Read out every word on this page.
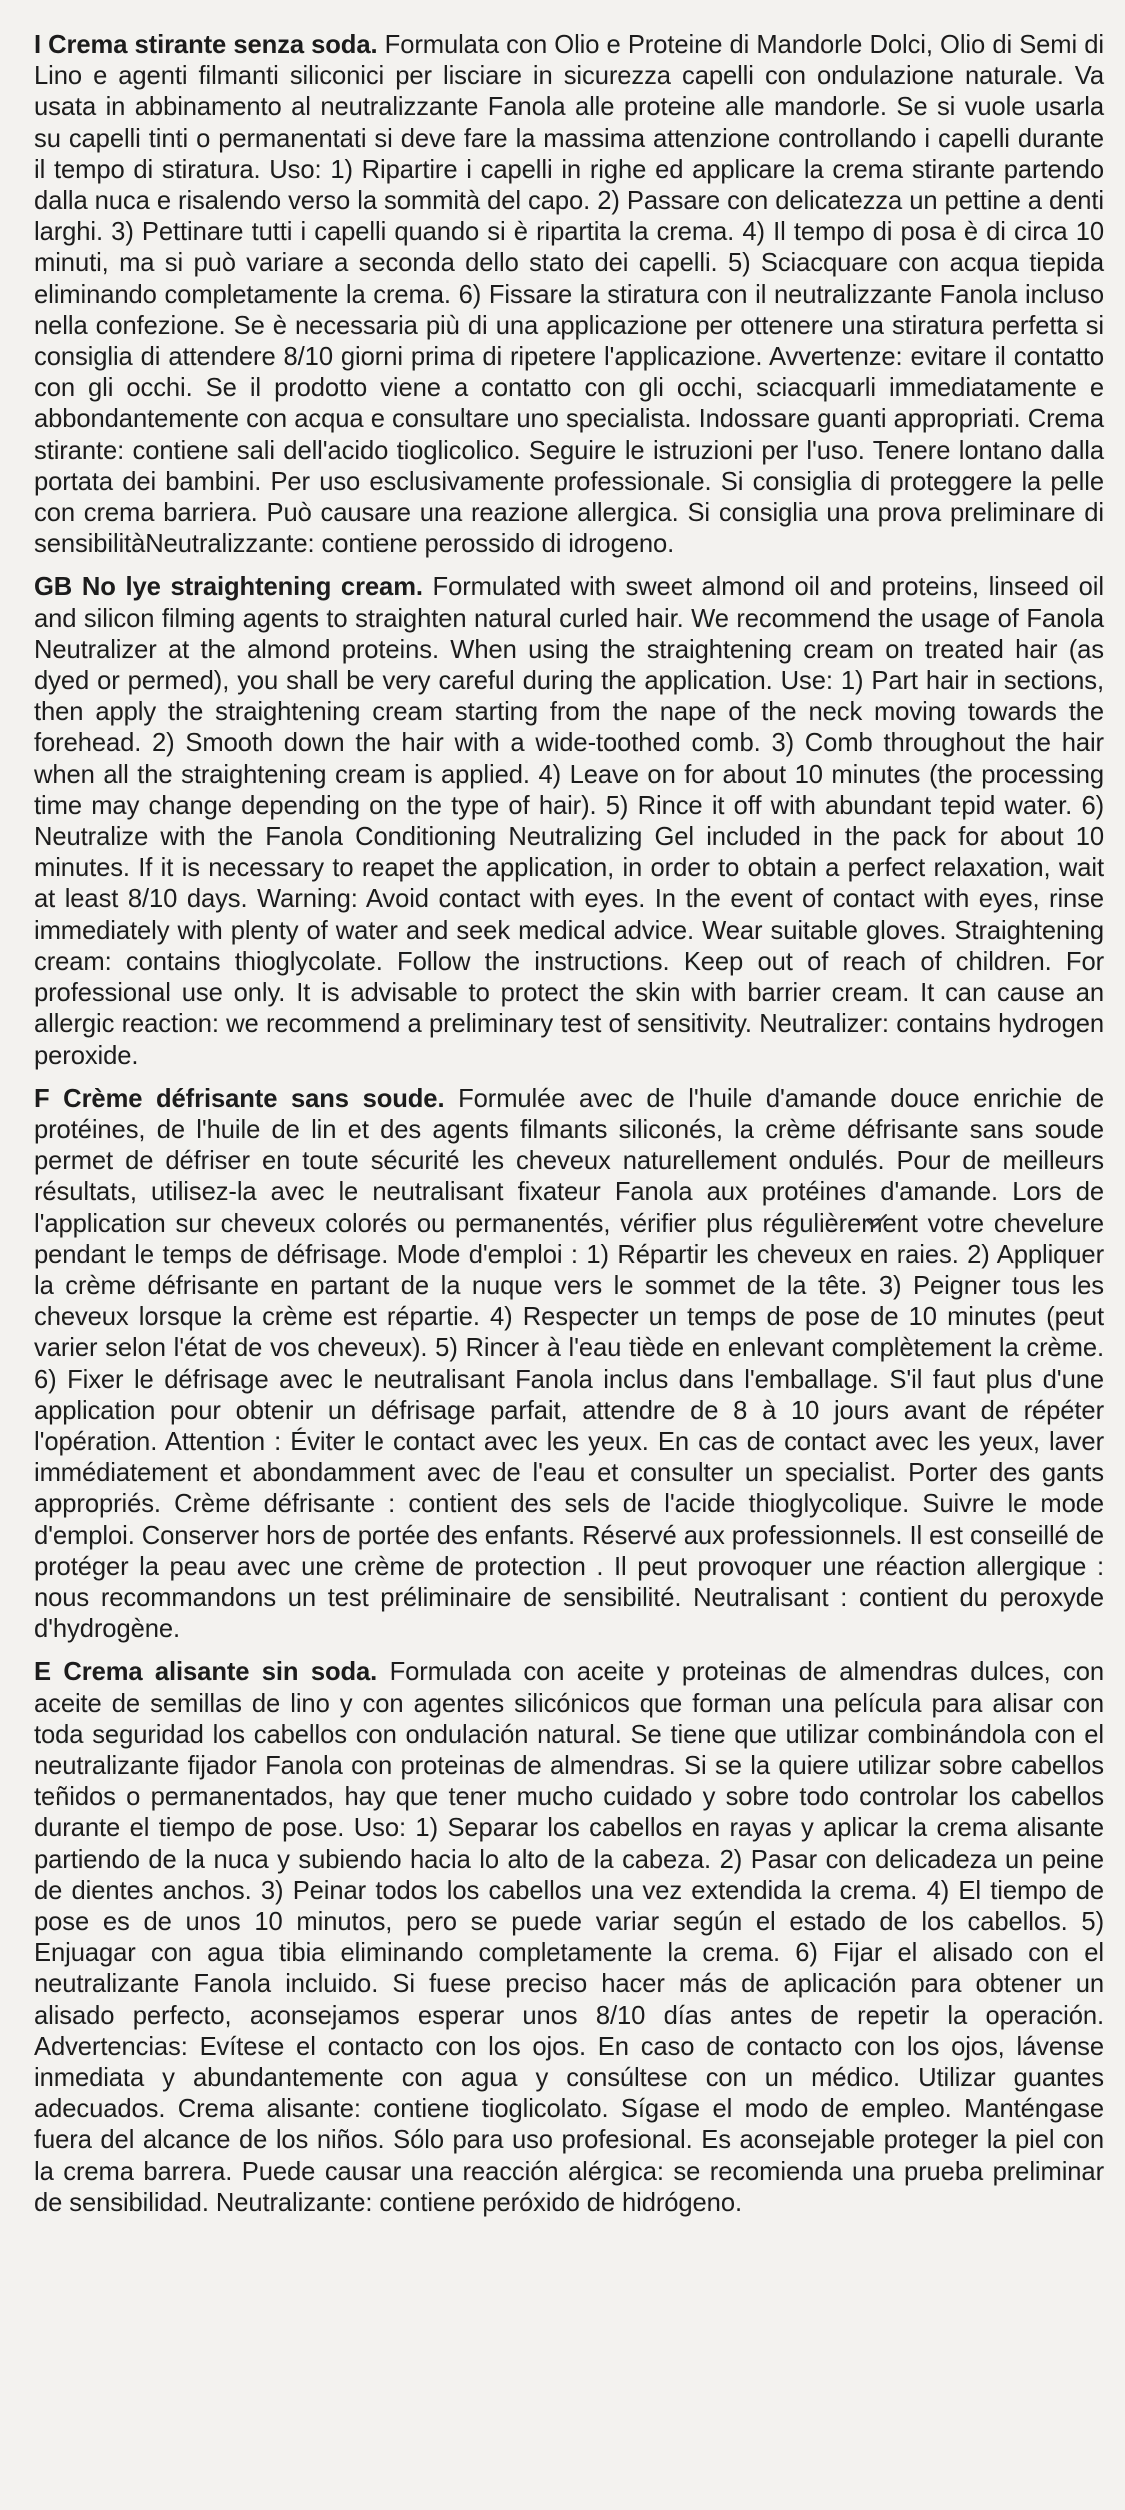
I Crema stirante senza soda. Formulata con Olio e Proteine di Mandorle Dolci, Olio di Semi di Lino e agenti filmanti siliconici per lisciare in sicurezza capelli con ondulazione naturale. Va usata in abbinamento al neutralizzante Fanola alle proteine alle mandorle. Se si vuole usarla su capelli tinti o permanentati si deve fare la massima attenzione controllando i capelli durante il tempo di stiratura. Uso: 1) Ripartire i capelli in righe ed applicare la crema stirante partendo dalla nuca e risalendo verso la sommità del capo. 2) Passare con delicatezza un pettine a denti larghi. 3) Pettinare tutti i capelli quando si è ripartita la crema. 4) Il tempo di posa è di circa 10 minuti, ma si può variare a seconda dello stato dei capelli. 5) Sciacquare con acqua tiepida eliminando completamente la crema. 6) Fissare la stiratura con il neutralizzante Fanola incluso nella confezione. Se è necessaria più di una applicazione per ottenere una stiratura perfetta si consiglia di attendere 8/10 giorni prima di ripetere l'applicazione. Avvertenze: evitare il contatto con gli occhi. Se il prodotto viene a contatto con gli occhi, sciacquarli immediatamente e abbondantemente con acqua e consultare uno specialista. Indossare guanti appropriati. Crema stirante: contiene sali dell'acido tioglicolico. Seguire le istruzioni per l'uso. Tenere lontano dalla portata dei bambini. Per uso esclusivamente professionale. Si consiglia di proteggere la pelle con crema barriera. Può causare una reazione allergica. Si consiglia una prova preliminare di sensibilitàNeutralizzante: contiene perossido di idrogeno.

GB No lye straightening cream. Formulated with sweet almond oil and proteins, linseed oil and silicon filming agents to straighten natural curled hair. We recommend the usage of Fanola Neutralizer at the almond proteins. When using the straightening cream on treated hair (as dyed or permed), you shall be very careful during the application. Use: 1) Part hair in sections, then apply the straightening cream starting from the nape of the neck moving towards the forehead. 2) Smooth down the hair with a wide-toothed comb. 3) Comb throughout the hair when all the straightening cream is applied. 4) Leave on for about 10 minutes (the processing time may change depending on the type of hair). 5) Rince it off with abundant tepid water. 6) Neutralize with the Fanola Conditioning Neutralizing Gel included in the pack for about 10 minutes. If it is necessary to reapet the application, in order to obtain a perfect relaxation, wait at least 8/10 days. Warning: Avoid contact with eyes. In the event of contact with eyes, rinse immediately with plenty of water and seek medical advice. Wear suitable gloves. Straightening cream: contains thioglycolate. Follow the instructions. Keep out of reach of children. For professional use only. It is advisable to protect the skin with barrier cream. It can cause an allergic reaction: we recommend a preliminary test of sensitivity. Neutralizer: contains hydrogen peroxide.

F Crème défrisante sans soude. Formulée avec de l'huile d'amande douce enrichie de protéines, de l'huile de lin et des agents filmants siliconés, la crème défrisante sans soude permet de défriser en toute sécurité les cheveux naturellement ondulés. Pour de meilleurs résultats, utilisez-la avec le neutralisant fixateur Fanola aux protéines d'amande. Lors de l'application sur cheveux colorés ou permanentés, vérifier plus régulièrement votre chevelure pendant le temps de défrisage. Mode d'emploi : 1) Répartir les cheveux en raies. 2) Appliquer la crème défrisante en partant de la nuque vers le sommet de la tête. 3) Peigner tous les cheveux lorsque la crème est répartie. 4) Respecter un temps de pose de 10 minutes (peut varier selon l'état de vos cheveux). 5) Rincer à l'eau tiède en enlevant complètement la crème. 6) Fixer le défrisage avec le neutralisant Fanola inclus dans l'emballage. S'il faut plus d'une application pour obtenir un défrisage parfait, attendre de 8 à 10 jours avant de répéter l'opération. Attention : Éviter le contact avec les yeux. En cas de contact avec les yeux, laver immédiatement et abondamment avec de l'eau et consulter un specialist. Porter des gants appropriés. Crème défrisante : contient des sels de l'acide thioglycolique. Suivre le mode d'emploi. Conserver hors de portée des enfants. Réservé aux professionnels. Il est conseillé de protéger la peau avec une crème de protection . Il peut provoquer une réaction allergique : nous recommandons un test préliminaire de sensibilité. Neutralisant : contient du peroxyde d'hydrogène.

E Crema alisante sin soda. Formulada con aceite y proteinas de almendras dulces, con aceite de semillas de lino y con agentes silicónicos que forman una película para alisar con toda seguridad los cabellos con ondulación natural. Se tiene que utilizar combinándola con el neutralizante fijador Fanola con proteinas de almendras. Si se la quiere utilizar sobre cabellos teñidos o permanentados, hay que tener mucho cuidado y sobre todo controlar los cabellos durante el tiempo de pose. Uso: 1) Separar los cabellos en rayas y aplicar la crema alisante partiendo de la nuca y subiendo hacia lo alto de la cabeza. 2) Pasar con delicadeza un peine de dientes anchos. 3) Peinar todos los cabellos una vez extendida la crema. 4) El tiempo de pose es de unos 10 minutos, pero se puede variar según el estado de los cabellos. 5) Enjuagar con agua tibia eliminando completamente la crema. 6) Fijar el alisado con el neutralizante Fanola incluido. Si fuese preciso hacer más de aplicación para obtener un alisado perfecto, aconsejamos esperar unos 8/10 días antes de repetir la operación. Advertencias: Evítese el contacto con los ojos. En caso de contacto con los ojos, lávense inmediata y abundantemente con agua y consúltese con un médico. Utilizar guantes adecuados. Crema alisante: contiene tioglicolato. Sígase el modo de empleo. Manténgase fuera del alcance de los niños. Sólo para uso profesional. Es aconsejable proteger la piel con la crema barrera. Puede causar una reacción alérgica: se recomienda una prueba preliminar de sensibilidad. Neutralizante: contiene peróxido de hidrógeno.
